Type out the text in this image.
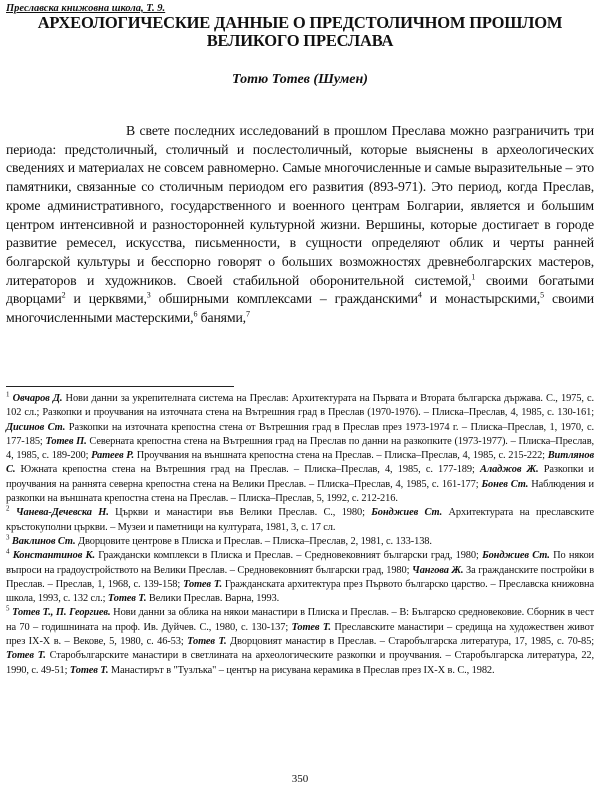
Преславска книжовна школа, Т. 9.
АРХЕОЛОГИЧЕСКИЕ ДАННЫЕ О ПРЕДСТОЛИЧНОМ ПРОШЛОМ
ВЕЛИКОГО ПРЕСЛАВА
Тотю Тотев (Шумен)

В свете последних исследований в прошлом Преслава можно разграничить три периода: предстоличный, столичный и послестоличный, которые выяснены в археологических сведениях и материалах не совсем равномерно. Самые многочисленные и самые выразительные – это памятники, связанные со столичным периодом его развития (893-971). Это период, когда Преслав, кроме административного, государственного и военного центрам Болгарии, является и большим центром интенсивной и разносторонней культурной жизни. Вершины, которые достигает в городе развитие ремесел, искусства, письменности, в сущности определяют облик и черты ранней болгарской культуры и бесспорно говорят о больших возможностях древнеболгарских мастеров, литераторов и художников. Своей стабильной оборонительной системой,$^1$ своими богатыми дворцами$^2$ и церквями,$^3$ обширными комплексами – гражданскими$^4$ и монастырскими,$^5$ своими многочисленными мастерскими,$^6$ банями,$^7$

$^1$ Овчаров Д. Нови данни за укрепителната система на Преслав: Архитектурата на Първата и Втората българска държава. С., 1975, с. 102 сл.; Разкопки и проучвания на източната стена на Вътрешния град в Преслав (1970-1976). – Плиска–Преслав, 4, 1985, с. 130-161; Дисинов Ст. Разкопки на източната крепостна стена от Вътрешния град в Преслав през 1973-1974 г. – Плиска–Преслав, 1, 1970, с. 177-185; Тотев П. Северната крепостна стена на Вътрешния град на Преслав по данни на разкопките (1973-1977). – Плиска–Преслав, 4, 1985, с. 189-200; Ратеев Р. Проучвания на външната крепостна стена на Преслав. – Плиска–Преслав, 4, 1985, с. 215-222; Витлянов С. Южната крепостна стена на Вътрешния град на Преслав. – Плиска–Преслав, 4, 1985, с. 177-189; Аладжов Ж. Разкопки и проучвания на раннята северна крепостна стена на Велики Преслав. – Плиска–Преслав, 4, 1985, с. 161-177; Бонев Ст. Наблюдения и разкопки на външната крепостна стена на Преслав. – Плиска–Преслав, 5, 1992, с. 212-216.

$^2$ Чанева-Дечевска Н. Църкви и манастири във Велики Преслав. С., 1980; Бонджиев Ст. Архитектурата на преславските кръстокуполни църкви. – Музеи и паметници на културата, 1981, 3, с. 17 сл.

$^3$ Ваклинов Ст. Дворцовите центрове в Плиска и Преслав. – Плиска–Преслав, 2, 1981, с. 133-138.

$^4$ Константинов К. Граждански комплекси в Плиска и Преслав. – Средновековният български град, 1980; Бонджиев Ст. По някои въпроси на градоустройството на Велики Преслав. – Средновековният български град, 1980; Чангова Ж. За гражданските постройки в Преслав. – Преслав, 1, 1968, с. 139-158; Тотев Т. Гражданската архитектура през Първото българско царство. – Преславска книжовна школа, 1993, с. 132 сл.; Тотев Т. Велики Преслав. Варна, 1993.

$^5$ Тотев Т., П. Георгиев. Нови данни за облика на някои манастири в Плиска и Преслав. – В: Българско средновековие. Сборник в чест на 70 – годишнината на проф. Ив. Дуйчев. С., 1980, с. 130-137; Тотев Т. Преславските манастири – средища на художествен живот през IX-X в. – Векове, 5, 1980, с. 46-53; Тотев Т. Дворцовият манастир в Преслав. – Старобългарска литература, 17, 1985, с. 70-85; Тотев Т. Старобългарските манастири в светлината на археологическите разкопки и проучвания. – Старобългарска литература, 22, 1990, с. 49-51; Тотев Т. Манастирът в "Тузлъка" – център на рисувана керамика в Преслав през IX-X в. С., 1982.

350
